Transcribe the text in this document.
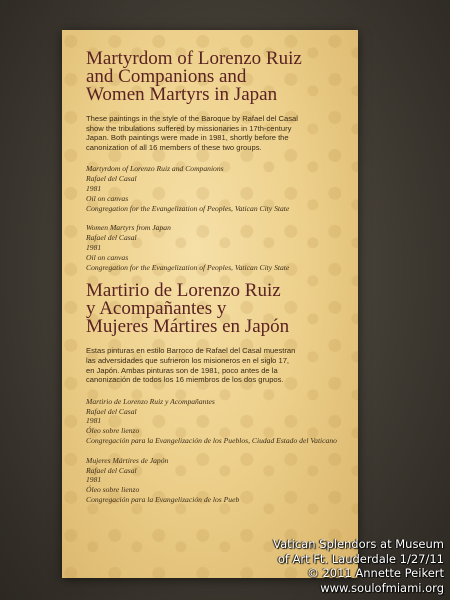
Martyrdom of Lorenzo Ruiz
and Companions and
Women Martyrs in Japan

These paintings in the style of the Baroque by Rafael del Casal
show the tribulations suffered by missionaries in 17th-century
Japan. Both paintings were made in 1981, shortly before the
canonization of all 16 members of these two groups.

Martyrdom of Lorenzo Ruiz and Companions
Rafael del Casal
1981
Oil on canvas
Congregation for the Evangelization of Peoples, Vatican City State
Women Martyrs from Japan
Rafael del Casal
1981
Oil on canvas
Congregation for the Evangelization of Peoples, Vatican City State
Martirio de Lorenzo Ruiz
y Acompañantes y
Mujeres Mártires en Japón

Estas pinturas en estilo Barroco de Rafael del Casal muestran
las adversidades que sufrieron los misioneros en el siglo 17,
en Japón. Ambas pinturas son de 1981, poco antes de la
canonización de todos los 16 miembros de los dos grupos.

Martirio de Lorenzo Ruiz y Acompañantes
Rafael del Casal
1981
Óleo sobre lienzo
Congregación para la Evangelización de los Pueblos, Ciudad Estado del Vaticano
Mujeres Mártires de Japón
Rafael del Casal
1981
Óleo sobre lienzo
Congregación para la Evangelización de los Pueb
Vatican Splendors at Museum
of Art Ft. Lauderdale 1/27/11
© 2011 Annette Peikert
www.soulofmiami.org
